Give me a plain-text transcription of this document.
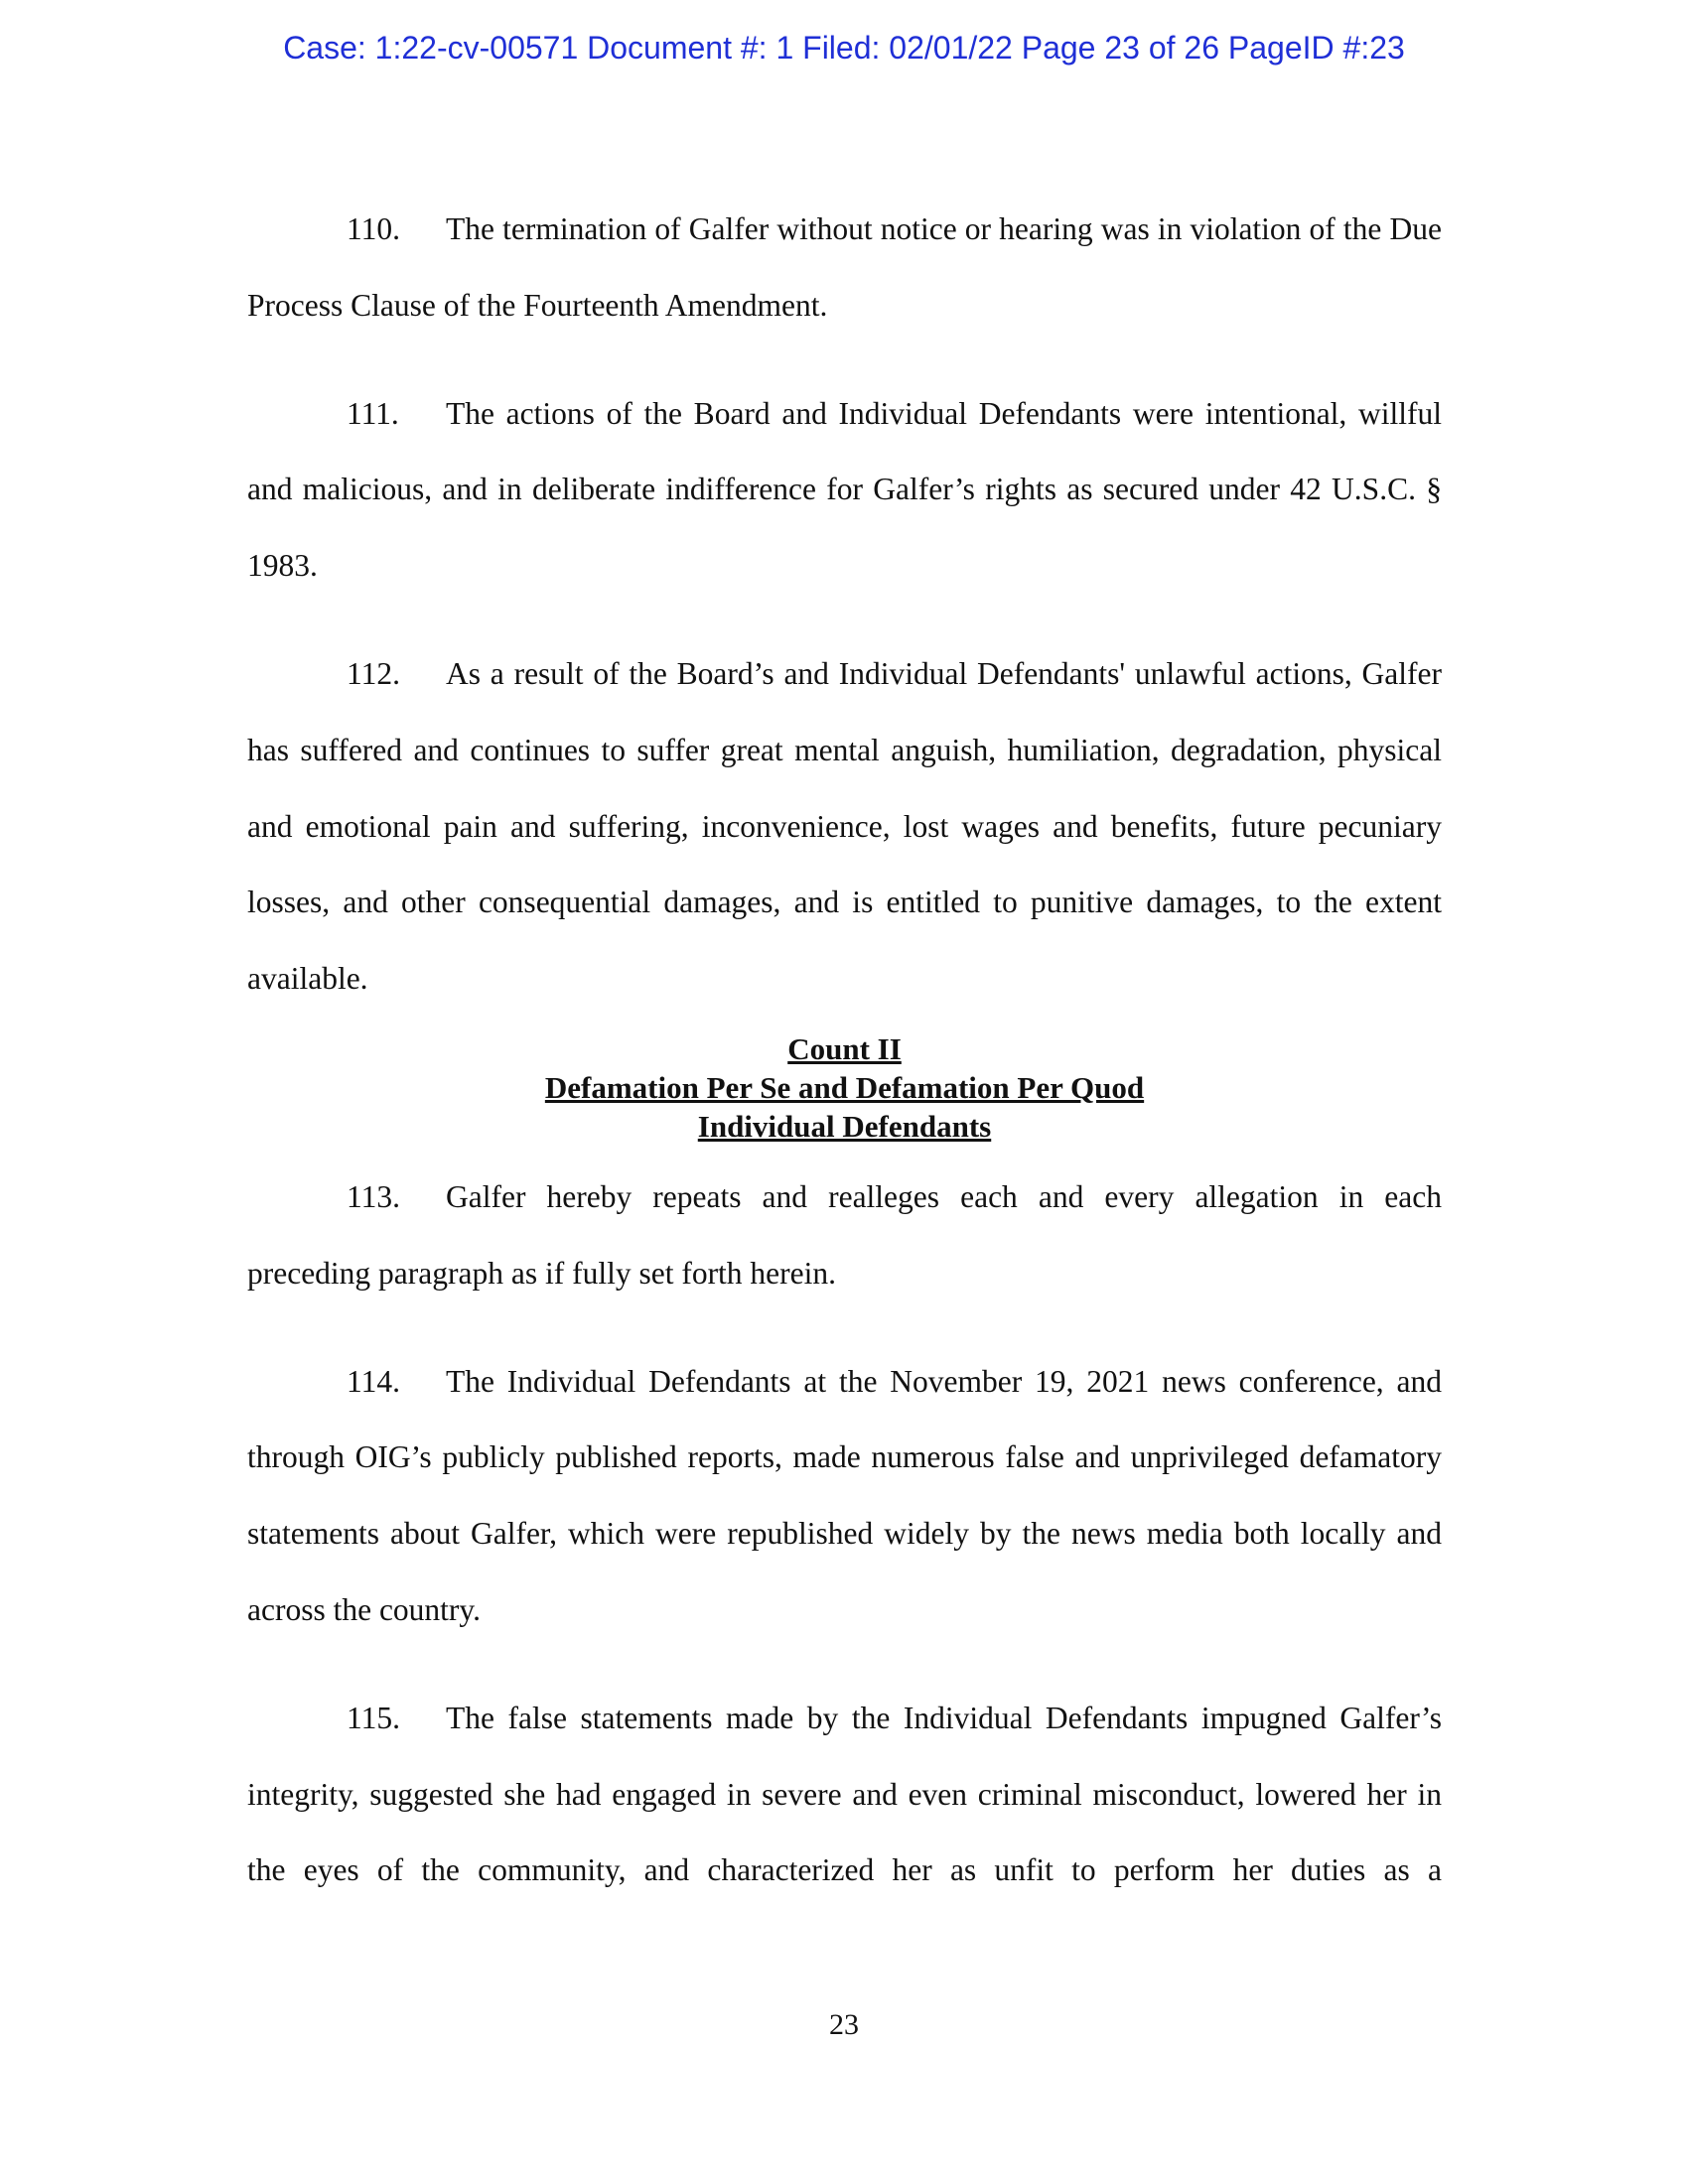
Case: 1:22-cv-00571 Document #: 1 Filed: 02/01/22 Page 23 of 26 PageID #:23

110. The termination of Galfer without notice or hearing was in violation of the Due Process Clause of the Fourteenth Amendment.

111. The actions of the Board and Individual Defendants were intentional, willful and malicious, and in deliberate indifference for Galfer’s rights as secured under 42 U.S.C. § 1983.

112. As a result of the Board’s and Individual Defendants' unlawful actions, Galfer has suffered and continues to suffer great mental anguish, humiliation, degradation, physical and emotional pain and suffering, inconvenience, lost wages and benefits, future pecuniary losses, and other consequential damages, and is entitled to punitive damages, to the extent available.

Count II
Defamation Per Se and Defamation Per Quod
Individual Defendants

113. Galfer hereby repeats and realleges each and every allegation in each preceding paragraph as if fully set forth herein.

114. The Individual Defendants at the November 19, 2021 news conference, and through OIG’s publicly published reports, made numerous false and unprivileged defamatory statements about Galfer, which were republished widely by the news media both locally and across the country.

115. The false statements made by the Individual Defendants impugned Galfer’s integrity, suggested she had engaged in severe and even criminal misconduct, lowered her in the eyes of the community, and characterized her as unfit to perform her duties as a

23
